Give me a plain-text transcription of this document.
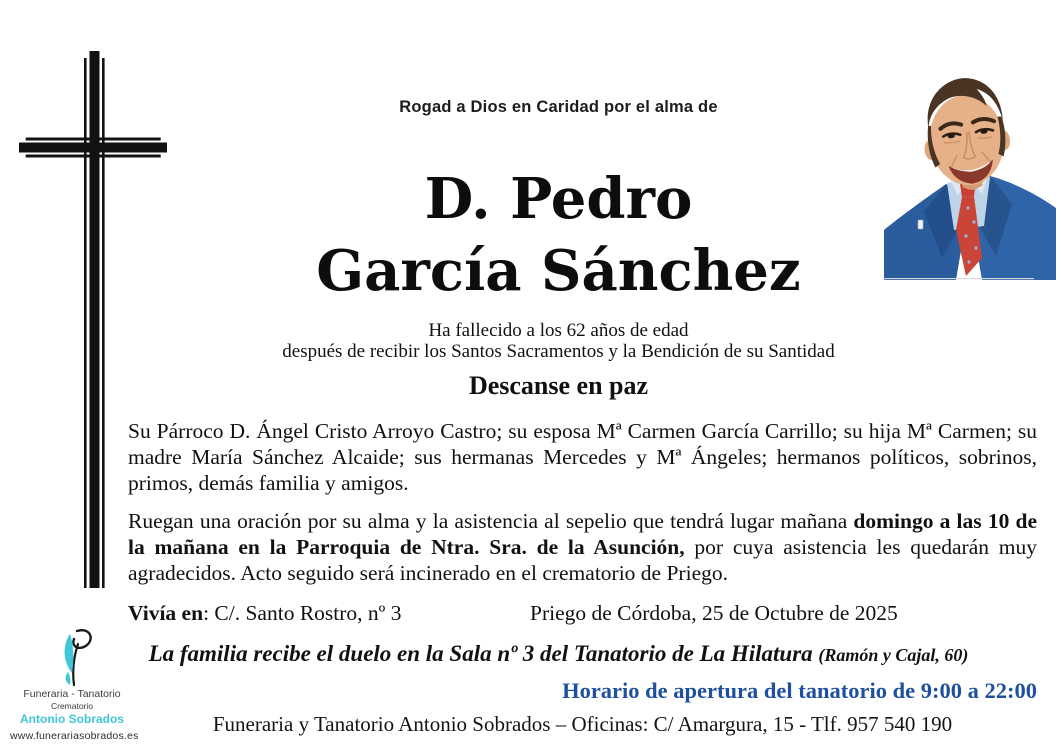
Rogad a Dios en Caridad por el alma de
D. Pedro
García Sánchez
Ha fallecido a los 62 años de edad
después de recibir los Santos Sacramentos y la Bendición de su Santidad
Descanse en paz

Su Párroco D. Ángel Cristo Arroyo Castro; su esposa Mª Carmen García Carrillo; su hija Mª Carmen; su madre María Sánchez Alcaide; sus hermanas Mercedes y Mª Ángeles; hermanos políticos, sobrinos, primos, demás familia y amigos.

Ruegan una oración por su alma y la asistencia al sepelio que tendrá lugar mañana domingo a las 10 de la mañana en la Parroquia de Ntra. Sra. de la Asunción, por cuya asistencia les quedarán muy agradecidos. Acto seguido será incinerado en el crematorio de Priego.

Vivía en: C/. Santo Rostro, nº 3	Priego de Córdoba, 25 de Octubre de 2025
La familia recibe el duelo en la Sala nº 3 del Tanatorio de La Hilatura (Ramón y Cajal, 60)
Horario de apertura del tanatorio de 9:00 a 22:00
Funeraria y Tanatorio Antonio Sobrados – Oficinas: C/ Amargura, 15 - Tlf. 957 540 190
Funeraria - Tanatorio
Crematorio
Antonio Sobrados
www.funerariasobrados.es
